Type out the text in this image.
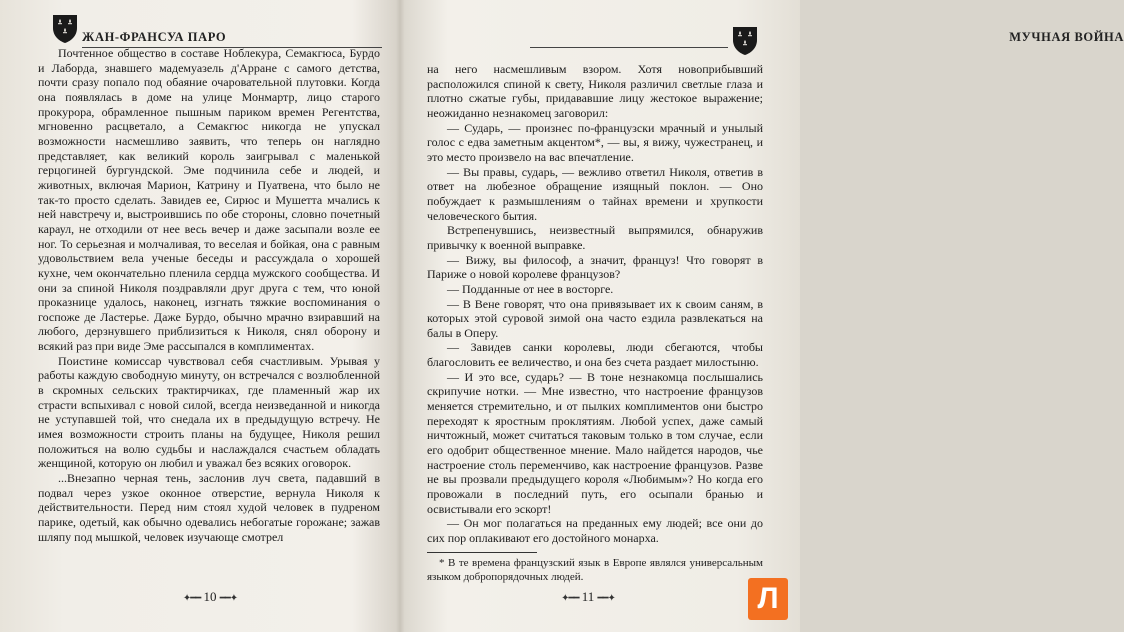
ЖАН-ФРАНСУА ПАРО

Почтенное общество в составе Ноблекура, Семакгюса, Бурдо и Лаборда, знавшего мадемуазель д'Арране с самого детства, почти сразу попало под обаяние очаровательной плутовки. Когда она появлялась в доме на улице Монмартр, лицо старого прокурора, обрамленное пышным париком времен Регентства, мгновенно расцветало, а Семакгюс никогда не упускал возможности насмешливо заявить, что теперь он наглядно представляет, как великий король заигрывал с маленькой герцогиней бургундской. Эме подчинила себе и людей, и животных, включая Марион, Катрину и Пуатвена, что было не так-то просто сделать. Завидев ее, Сирюс и Мушетта мчались к ней навстречу и, выстроившись по обе стороны, словно почетный караул, не отходили от нее весь вечер и даже засыпали возле ее ног. То серьезная и молчаливая, то веселая и бойкая, она с равным удовольствием вела ученые беседы и рассуждала о хорошей кухне, чем окончательно пленила сердца мужского сообщества. И они за спиной Николя поздравляли друг друга с тем, что юной проказнице удалось, наконец, изгнать тяжкие воспоминания о госпоже де Ластерье. Даже Бурдо, обычно мрачно взиравший на любого, дерзнувшего приблизиться к Николя, снял оборону и всякий раз при виде Эме рассыпался в комплиментах.

Поистине комиссар чувствовал себя счастливым. Урывая у работы каждую свободную минуту, он встречался с возлюбленной в скромных сельских трактирчиках, где пламенный жар их страсти вспыхивал с новой силой, всегда неизведанной и никогда не уступавшей той, что снедала их в предыдущую встречу. Не имея возможности строить планы на будущее, Николя решил положиться на волю судьбы и наслаждался счастьем обладать женщиной, которую он любил и уважал без всяких оговорок.

...Внезапно черная тень, заслонив луч света, падавший в подвал через узкое оконное отверстие, вернула Николя к действительности. Перед ним стоял худой человек в пудреном парике, одетый, как обычно одевались небогатые горожане; зажав шляпу под мышкой, человек изучающе смотрел

✦━━ 10 ━━✦
МУЧНАЯ ВОЙНА

на него насмешливым взором. Хотя новоприбывший расположился спиной к свету, Николя различил светлые глаза и плотно сжатые губы, придававшие лицу жестокое выражение; неожиданно незнакомец заговорил:

— Сударь, — произнес по-французски мрачный и унылый голос с едва заметным акцентом*, — вы, я вижу, чужестранец, и это место произвело на вас впечатление.

— Вы правы, сударь, — вежливо ответил Николя, ответив в ответ на любезное обращение изящный поклон. — Оно побуждает к размышлениям о тайнах времени и хрупкости человеческого бытия.

Встрепенувшись, неизвестный выпрямился, обнаружив привычку к военной выправке.

— Вижу, вы философ, а значит, француз! Что говорят в Париже о новой королеве французов?

— Подданные от нее в восторге.

— В Вене говорят, что она привязывает их к своим саням, в которых этой суровой зимой она часто ездила развлекаться на балы в Оперу.

— Завидев санки королевы, люди сбегаются, чтобы благословить ее величество, и она без счета раздает милостыню.

— И это все, сударь? — В тоне незнакомца послышались скрипучие нотки. — Мне известно, что настроение французов меняется стремительно, и от пылких комплиментов они быстро переходят к яростным проклятиям. Любой успех, даже самый ничтожный, может считаться таковым только в том случае, если его одобрит общественное мнение. Мало найдется народов, чье настроение столь переменчиво, как настроение французов. Разве не вы прозвали предыдущего короля «Любимым»? Но когда его провожали в последний путь, его осыпали бранью и освистывали его эскорт!

— Он мог полагаться на преданных ему людей; все они до сих пор оплакивают его достойного монарха.

* В те времена французский язык в Европе являлся универсальным языком добропорядочных людей.
✦━━ 11 ━━✦	Л
